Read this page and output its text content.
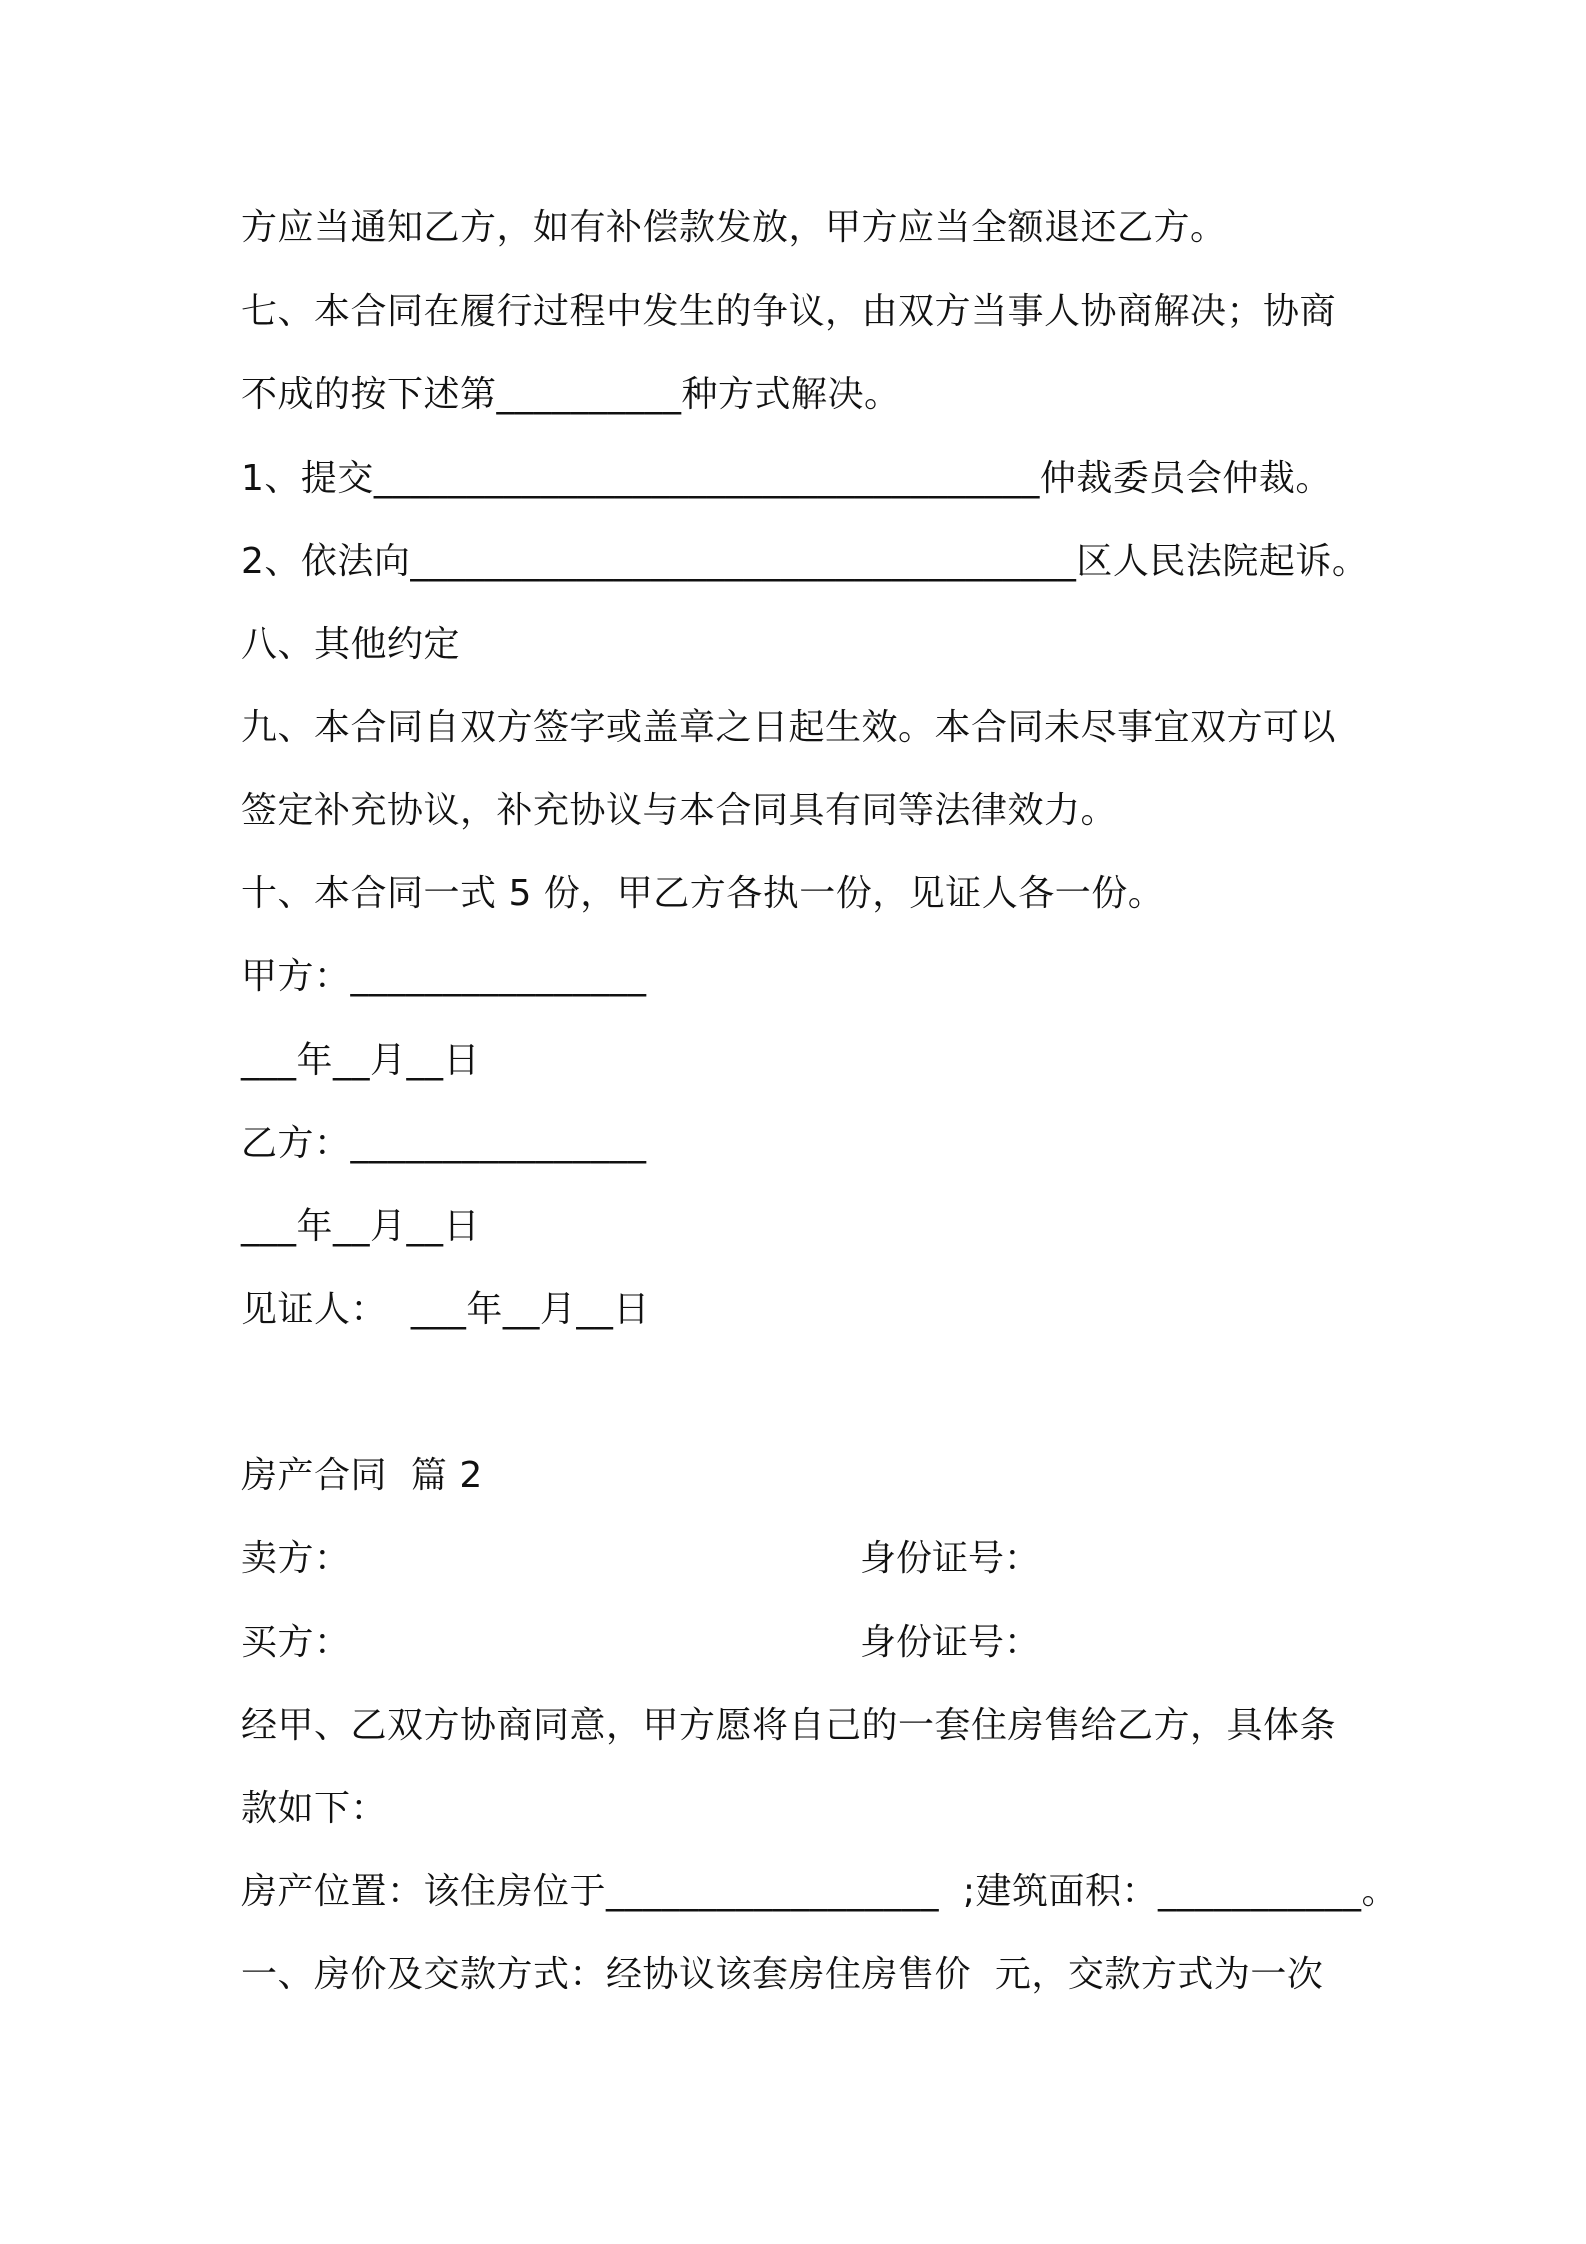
方应当通知乙方，如有补偿款发放，甲方应当全额退还乙方。
七、本合同在履行过程中发生的争议，由双方当事人协商解决；协商
不成的按下述第__________种方式解决。
1、提交____________________________________仲裁委员会仲裁。
2、依法向____________________________________区人民法院起诉。
八、其他约定
九、本合同自双方签字或盖章之日起生效。本合同未尽事宜双方可以
签定补充协议，补充协议与本合同具有同等法律效力。
十、本合同一式 5 份，甲乙方各执一份，见证人各一份。
甲方：________________
___年__月__日
乙方：________________
___年__月__日
见证人：  ___年__月__日
房产合同  篇 2
卖方：	身份证号：
买方：	身份证号：
经甲、乙双方协商同意，甲方愿将自己的一套住房售给乙方，具体条
款如下：
房产位置：该住房位于__________________  ;建筑面积：___________。
一、房价及交款方式：经协议该套房住房售价  元，交款方式为一次
